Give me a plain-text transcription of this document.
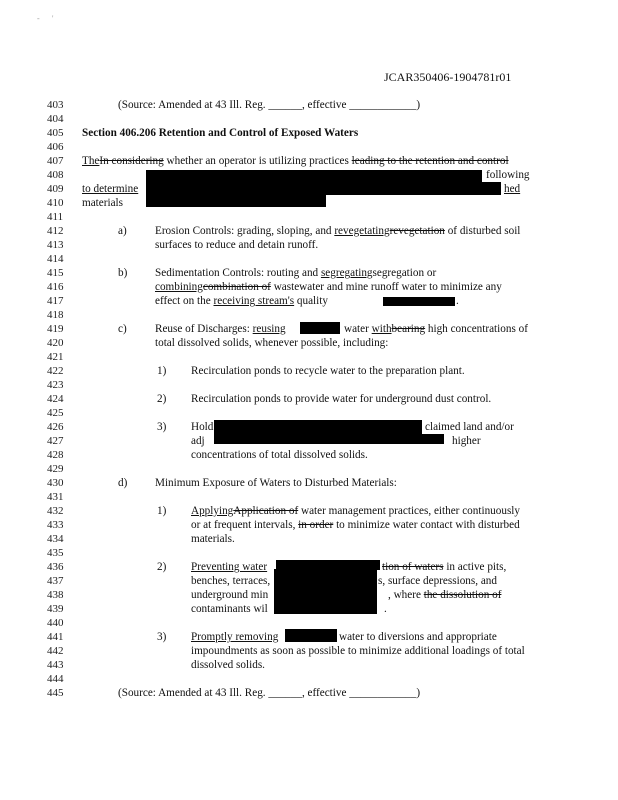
- '
JCAR350406-1904781r01
403
404
405
406
407
408
409
410
411
412
413
414
415
416
417
418
419
420
421
422
423
424
425
426
427
428
429
430
431
432
433
434
435
436
437
438
439
440
441
442
443
444
445
(Source: Amended at 43 Ill. Reg. ______, effective ____________)
Section 406.206 Retention and Control of Exposed Waters
TheIn considering whether an operator is utilizing practices leading to the retention and control
following
to determine	hed
materials
a)	Erosion Controls: grading, sloping, and revegetatingrevegetation of disturbed soil
surfaces to reduce and detain runoff.
b) Sedimentation Controls: routing and segregatingsegregation or
combiningcombination of wastewater and mine runoff water to minimize any
effect on the receiving stream's quality	.
c)	Reuse of Discharges: reusing	water withbearing high concentrations of
total dissolved solids, whenever possible, including:
1) Recirculation ponds to recycle water to the preparation plant.
2) Recirculation ponds to provide water for underground dust control.
3) Hold	claimed land and/or
adj	higher
concentrations of total dissolved solids.
d) Minimum Exposure of Waters to Disturbed Materials:
1) ApplyingApplication of water management practices, either continuously
or at frequent intervals, in order to minimize water contact with disturbed
materials.
2) Preventing water	tion of waters in active pits,
benches, terraces,	s, surface depressions, and
underground min	, where the dissolution of
contaminants wil	.
3) Promptly removing	water to diversions and appropriate
impoundments as soon as possible to minimize additional loadings of total
dissolved solids.
(Source: Amended at 43 Ill. Reg. ______, effective ____________)
